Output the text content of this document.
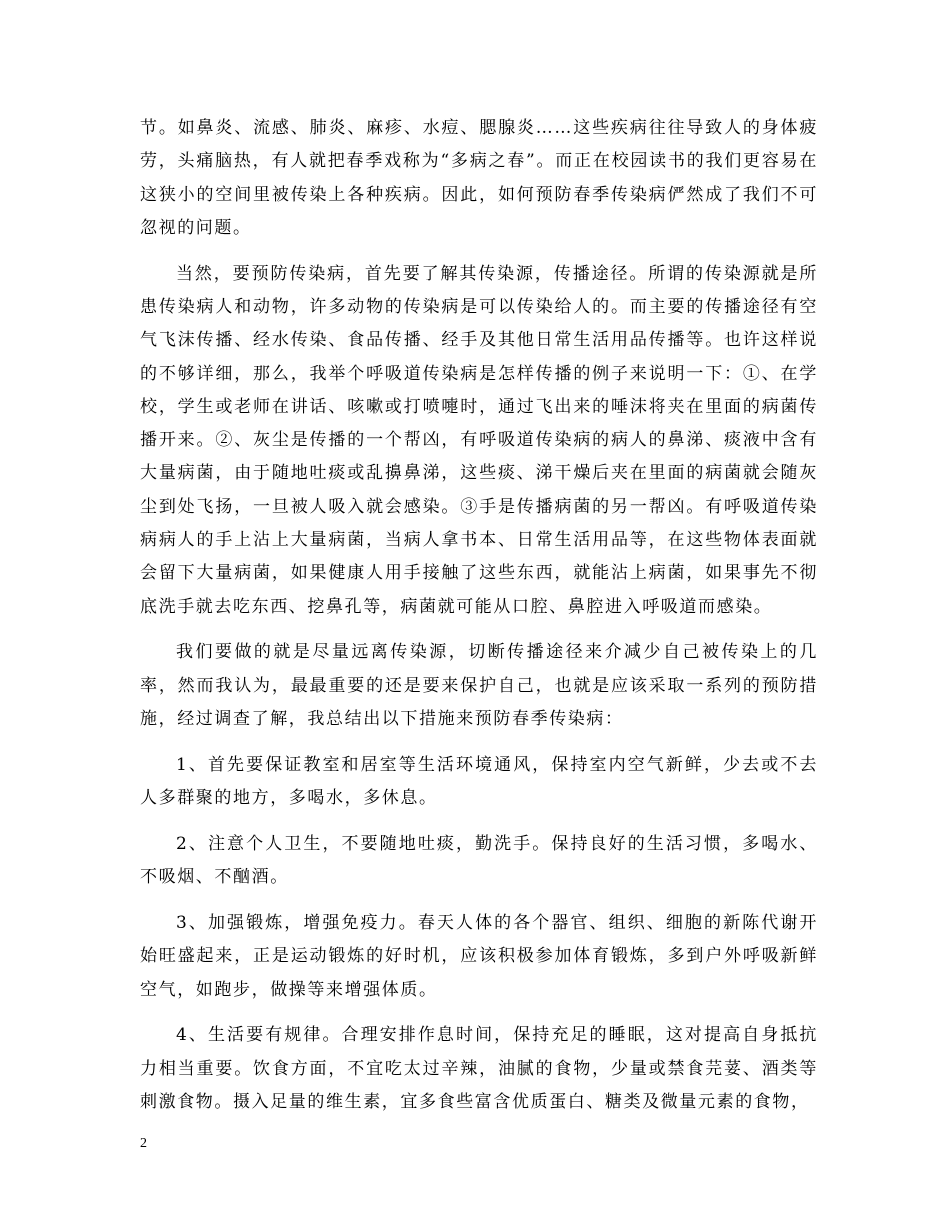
节。如鼻炎、流感、肺炎、麻疹、水痘、腮腺炎……这些疾病往往导致人的身体疲劳，头痛脑热，有人就把春季戏称为“多病之春”。而正在校园读书的我们更容易在这狭小的空间里被传染上各种疾病。因此，如何预防春季传染病俨然成了我们不可忽视的问题。

当然，要预防传染病，首先要了解其传染源，传播途径。所谓的传染源就是所患传染病人和动物，许多动物的传染病是可以传染给人的。而主要的传播途径有空气飞沫传播、经水传染、食品传播、经手及其他日常生活用品传播等。也许这样说的不够详细，那么，我举个呼吸道传染病是怎样传播的例子来说明一下：①、在学校，学生或老师在讲话、咳嗽或打喷嚏时，通过飞出来的唾沫将夹在里面的病菌传播开来。②、灰尘是传播的一个帮凶，有呼吸道传染病的病人的鼻涕、痰液中含有大量病菌，由于随地吐痰或乱擤鼻涕，这些痰、涕干燥后夹在里面的病菌就会随灰尘到处飞扬，一旦被人吸入就会感染。③手是传播病菌的另一帮凶。有呼吸道传染病病人的手上沾上大量病菌，当病人拿书本、日常生活用品等，在这些物体表面就会留下大量病菌，如果健康人用手接触了这些东西，就能沾上病菌，如果事先不彻底洗手就去吃东西、挖鼻孔等，病菌就可能从口腔、鼻腔进入呼吸道而感染。

我们要做的就是尽量远离传染源，切断传播途径来介减少自己被传染上的几率，然而我认为，最最重要的还是要来保护自己，也就是应该采取一系列的预防措施，经过调查了解，我总结出以下措施来预防春季传染病：

1、首先要保证教室和居室等生活环境通风，保持室内空气新鲜，少去或不去人多群聚的地方，多喝水，多休息。

2、注意个人卫生，不要随地吐痰，勤洗手。保持良好的生活习惯，多喝水、不吸烟、不酗酒。

3、加强锻炼，增强免疫力。春天人体的各个器官、组织、细胞的新陈代谢开始旺盛起来，正是运动锻炼的好时机，应该积极参加体育锻炼，多到户外呼吸新鲜空气，如跑步，做操等来增强体质。

4、生活要有规律。合理安排作息时间，保持充足的睡眠，这对提高自身抵抗力相当重要。饮食方面，不宜吃太过辛辣，油腻的食物，少量或禁食芫荽、酒类等刺激食物。摄入足量的维生素，宜多食些富含优质蛋白、糖类及微量元素的食物，

2
